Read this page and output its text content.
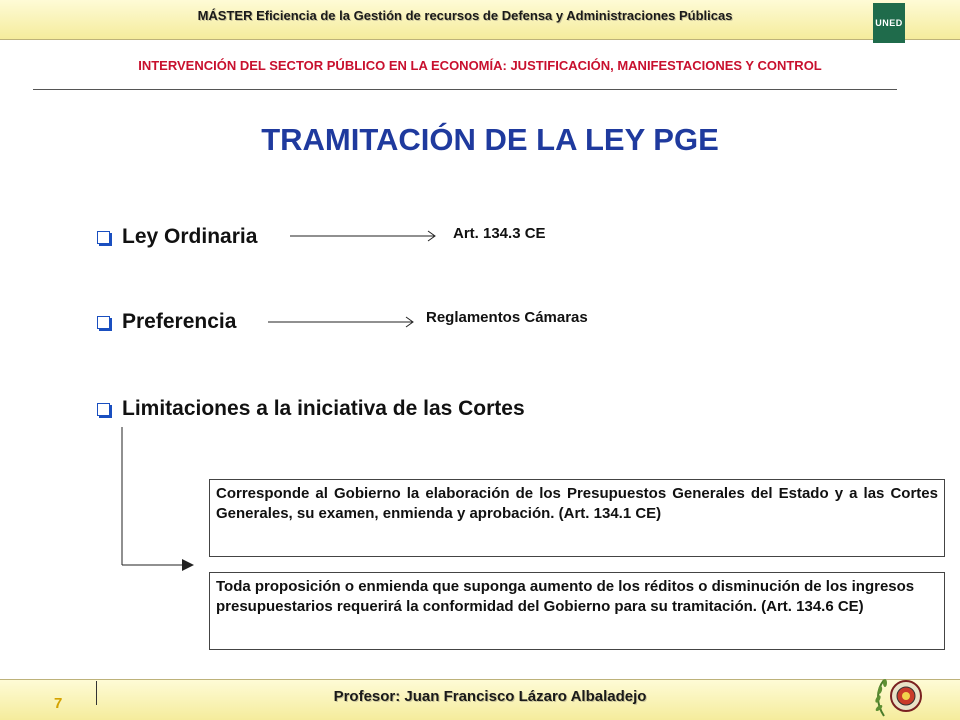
MÁSTER Eficiencia de la Gestión de recursos de Defensa y Administraciones Públicas	UNED
INTERVENCIÓN DEL SECTOR PÚBLICO EN LA ECONOMÍA: JUSTIFICACIÓN, MANIFESTACIONES Y CONTROL
TRAMITACIÓN DE LA LEY PGE
Ley Ordinaria	Art. 134.3 CE
Preferencia	Reglamentos Cámaras
Limitaciones a la iniciativa de las Cortes
Corresponde al Gobierno la elaboración de los Presupuestos Generales del Estado y a las Cortes Generales, su examen, enmienda y aprobación. (Art. 134.1 CE)
Toda proposición o enmienda que suponga aumento de los réditos o disminución de los ingresos presupuestarios requerirá la conformidad del Gobierno para su tramitación. (Art. 134.6 CE)
7	Profesor: Juan Francisco Lázaro Albaladejo
